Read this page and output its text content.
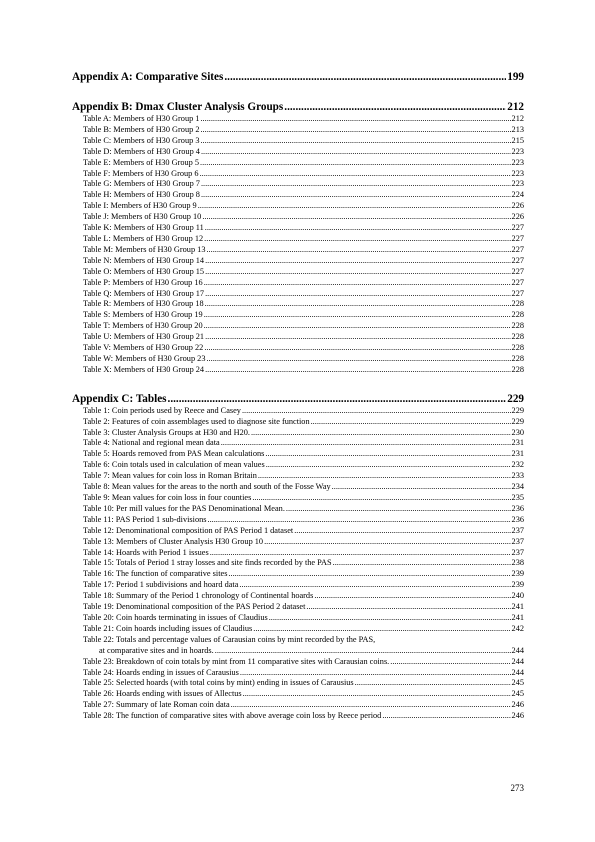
Appendix A: Comparative Sites .....	199
Appendix B: Dmax Cluster Analysis Groups .....	212
Table A: Members of H30 Group 1 .....	212
Table B: Members of H30 Group 2 .....	213
Table C: Members of H30 Group 3 .....	215
Table D: Members of H30 Group 4 .....	223
Table E: Members of H30 Group 5 .....	223
Table F: Members of H30 Group 6 .....	223
Table G: Members of H30 Group 7 .....	223
Table H: Members of H30 Group 8 .....	224
Table I: Members of H30 Group 9 .....	226
Table J: Members of H30 Group 10 .....	226
Table K: Members of H30 Group 11 .....	227
Table L: Members of H30 Group 12 .....	227
Table M: Members of H30 Group 13 .....	227
Table N: Members of H30 Group 14 .....	227
Table O: Members of H30 Group 15 .....	227
Table P: Members of H30 Group 16 .....	227
Table Q: Members of H30 Group 17 .....	227
Table R: Members of H30 Group 18 .....	228
Table S: Members of H30 Group 19 .....	228
Table T: Members of H30 Group 20 .....	228
Table U: Members of H30 Group 21 .....	228
Table V: Members of H30 Group 22 .....	228
Table W: Members of H30 Group 23 .....	228
Table X: Members of H30 Group 24 .....	228
Appendix C: Tables .....	229
Table 1: Coin periods used by Reece and Casey .....	229
Table 2: Features of coin assemblages used to diagnose site function .....	229
Table 3: Cluster Analysis Groups at H30 and H20. .....	230
Table 4: National and regional mean data .....	231
Table 5: Hoards removed from PAS Mean calculations .....	231
Table 6: Coin totals used in calculation of mean values .....	232
Table 7: Mean values for coin loss in Roman Britain .....	233
Table 8: Mean values for the areas to the north and south of the Fosse Way .....	234
Table 9: Mean values for coin loss in four counties .....	235
Table 10: Per mill values for the PAS Denominational Mean. .....	236
Table 11: PAS Period 1 sub-divisions .....	236
Table 12: Denominational composition of PAS Period 1 dataset .....	237
Table 13: Members of Cluster Analysis H30 Group 10 .....	237
Table 14: Hoards with Period 1 issues .....	237
Table 15: Totals of Period 1 stray losses and site finds recorded by the PAS .....	238
Table 16: The function of comparative sites .....	239
Table 17: Period 1 subdivisions and hoard data .....	239
Table 18: Summary of the Period 1 chronology of Continental hoards .....	240
Table 19: Denominational composition of the PAS Period 2 dataset .....	241
Table 20: Coin hoards terminating in issues of Claudius .....	241
Table 21: Coin hoards including issues of Claudius .....	242
Table 22: Totals and percentage values of Carausian coins by mint recorded by the PAS,
at comparative sites and in hoards. .....	244
Table 23: Breakdown of coin totals by mint from 11 comparative sites with Carausian coins. .....	244
Table 24: Hoards ending in issues of Carausius .....	244
Table 25: Selected hoards (with total coins by mint) ending in issues of Carausius .....	245
Table 26: Hoards ending with issues of Allectus .....	245
Table 27: Summary of late Roman coin data .....	246
Table 28: The function of comparative sites with above average coin loss by Reece period .....	246
273
